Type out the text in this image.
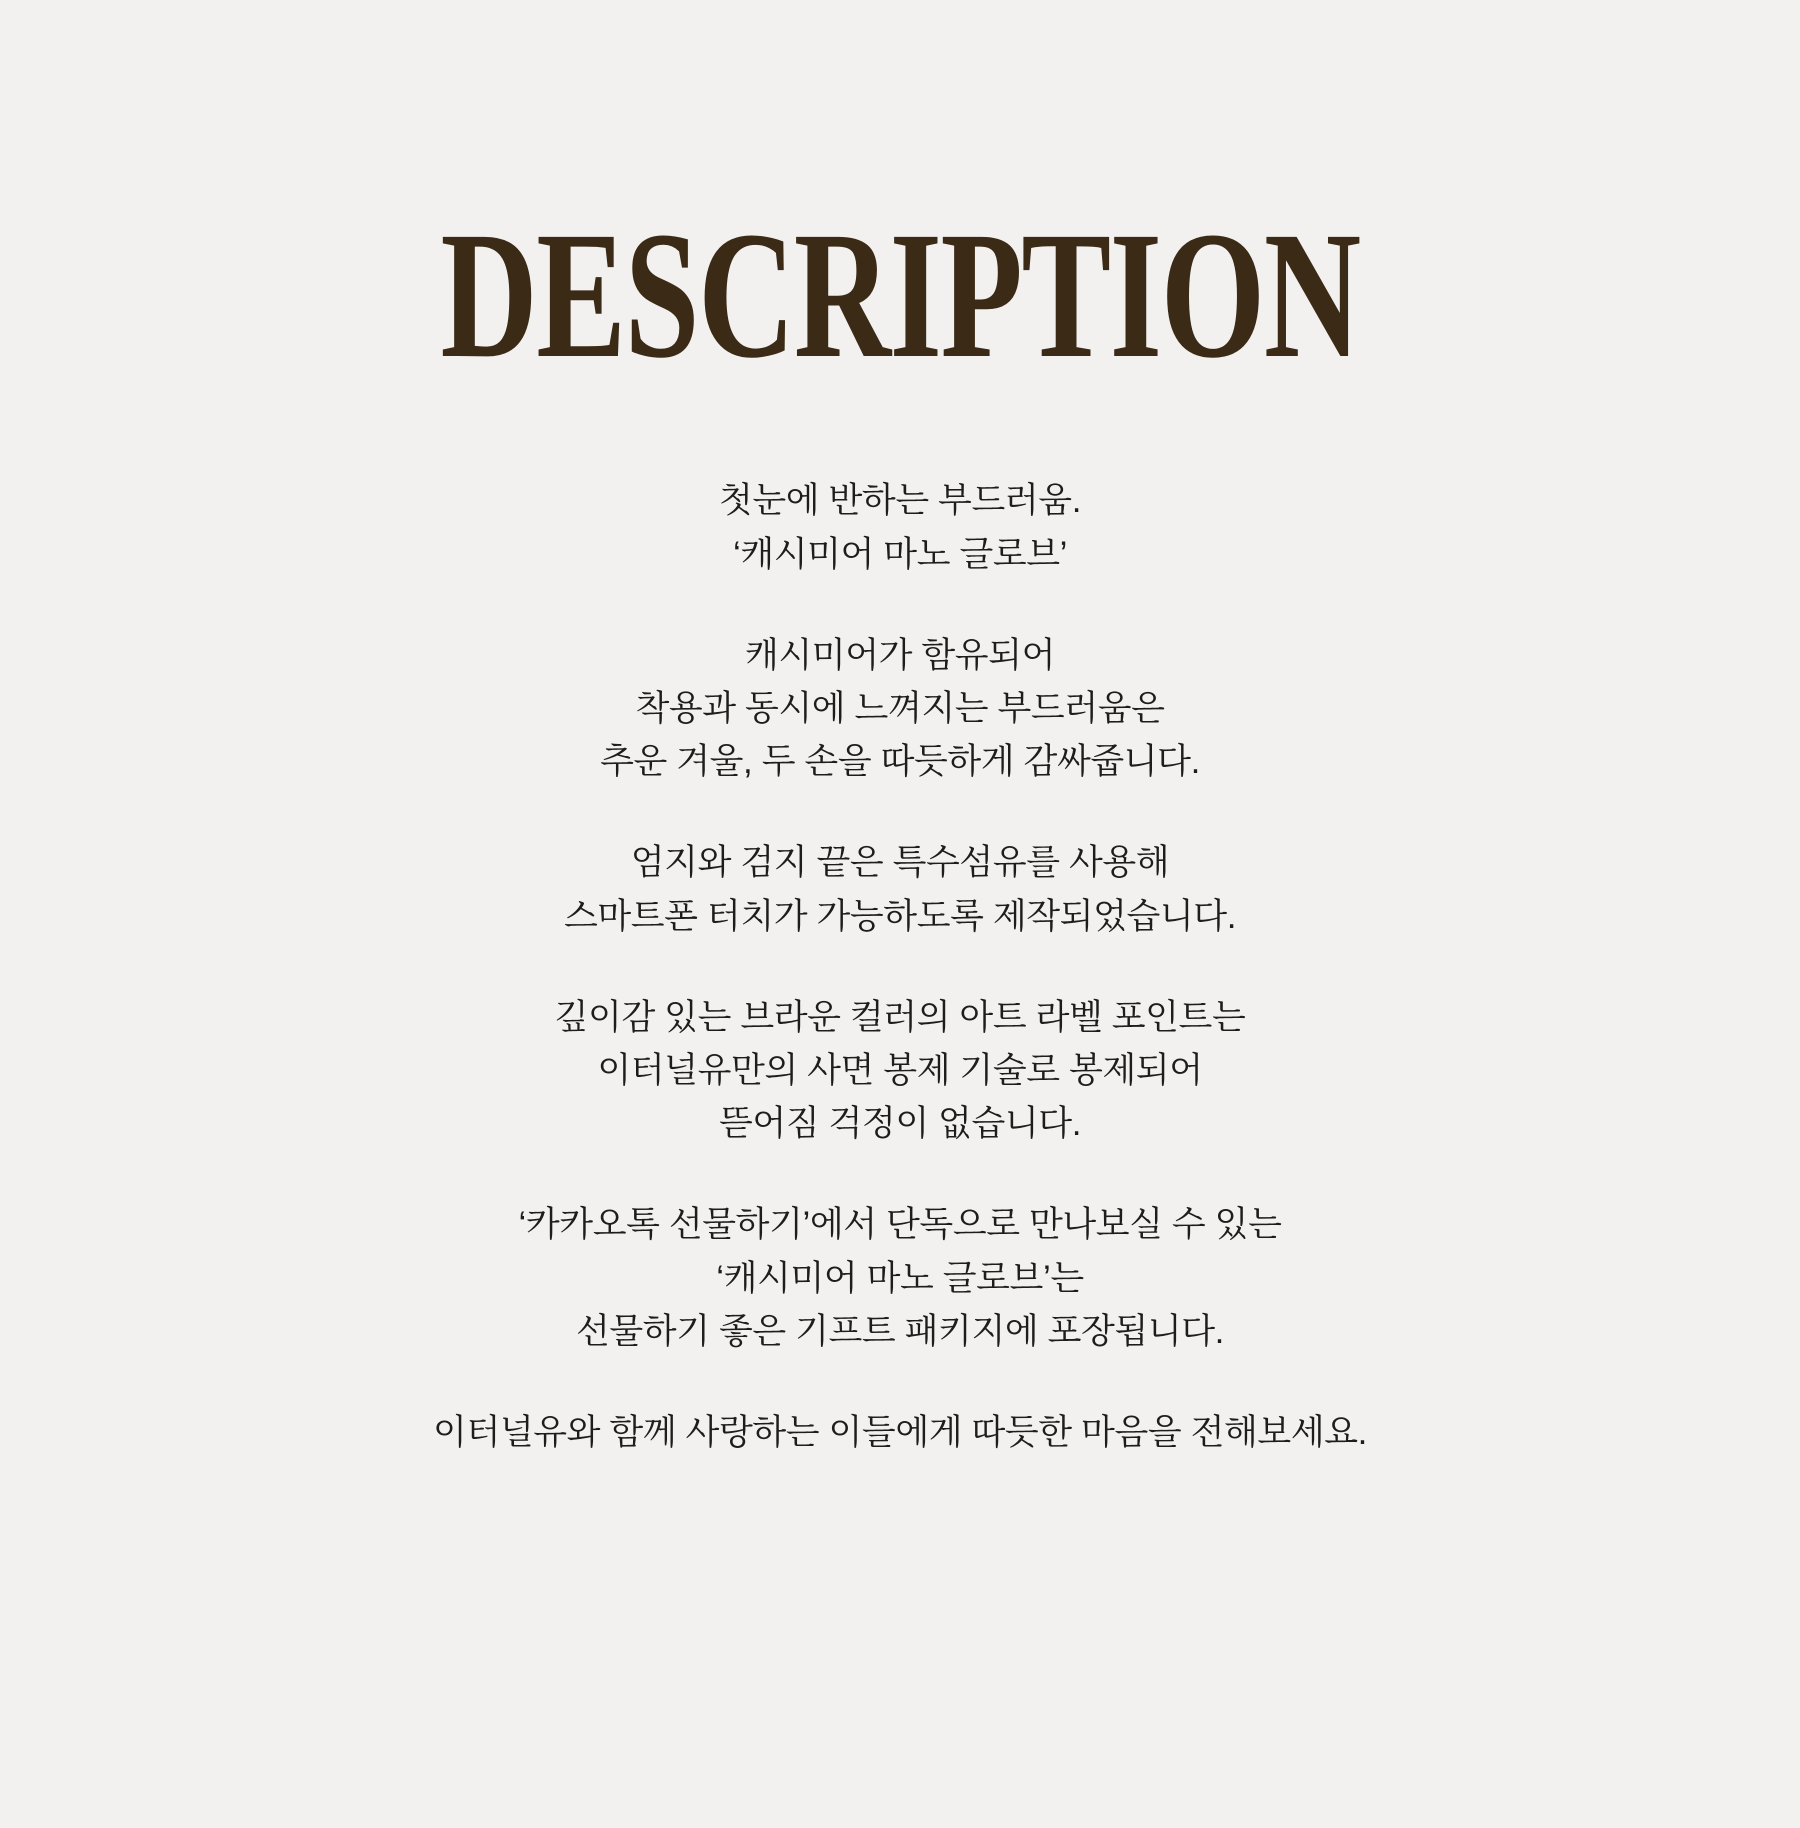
DESCRIPTION

첫눈에 반하는 부드러움.
‘캐시미어 마노 글로브’

캐시미어가 함유되어
착용과 동시에 느껴지는 부드러움은
추운 겨울, 두 손을 따듯하게 감싸줍니다.

엄지와 검지 끝은 특수섬유를 사용해
스마트폰 터치가 가능하도록 제작되었습니다.

깊이감 있는 브라운 컬러의 아트 라벨 포인트는
이터널유만의 사면 봉제 기술로 봉제되어
뜯어짐 걱정이 없습니다.

‘카카오톡 선물하기’에서 단독으로 만나보실 수 있는
‘캐시미어 마노 글로브’는
선물하기 좋은 기프트 패키지에 포장됩니다.

이터널유와 함께 사랑하는 이들에게 따듯한 마음을 전해보세요.
